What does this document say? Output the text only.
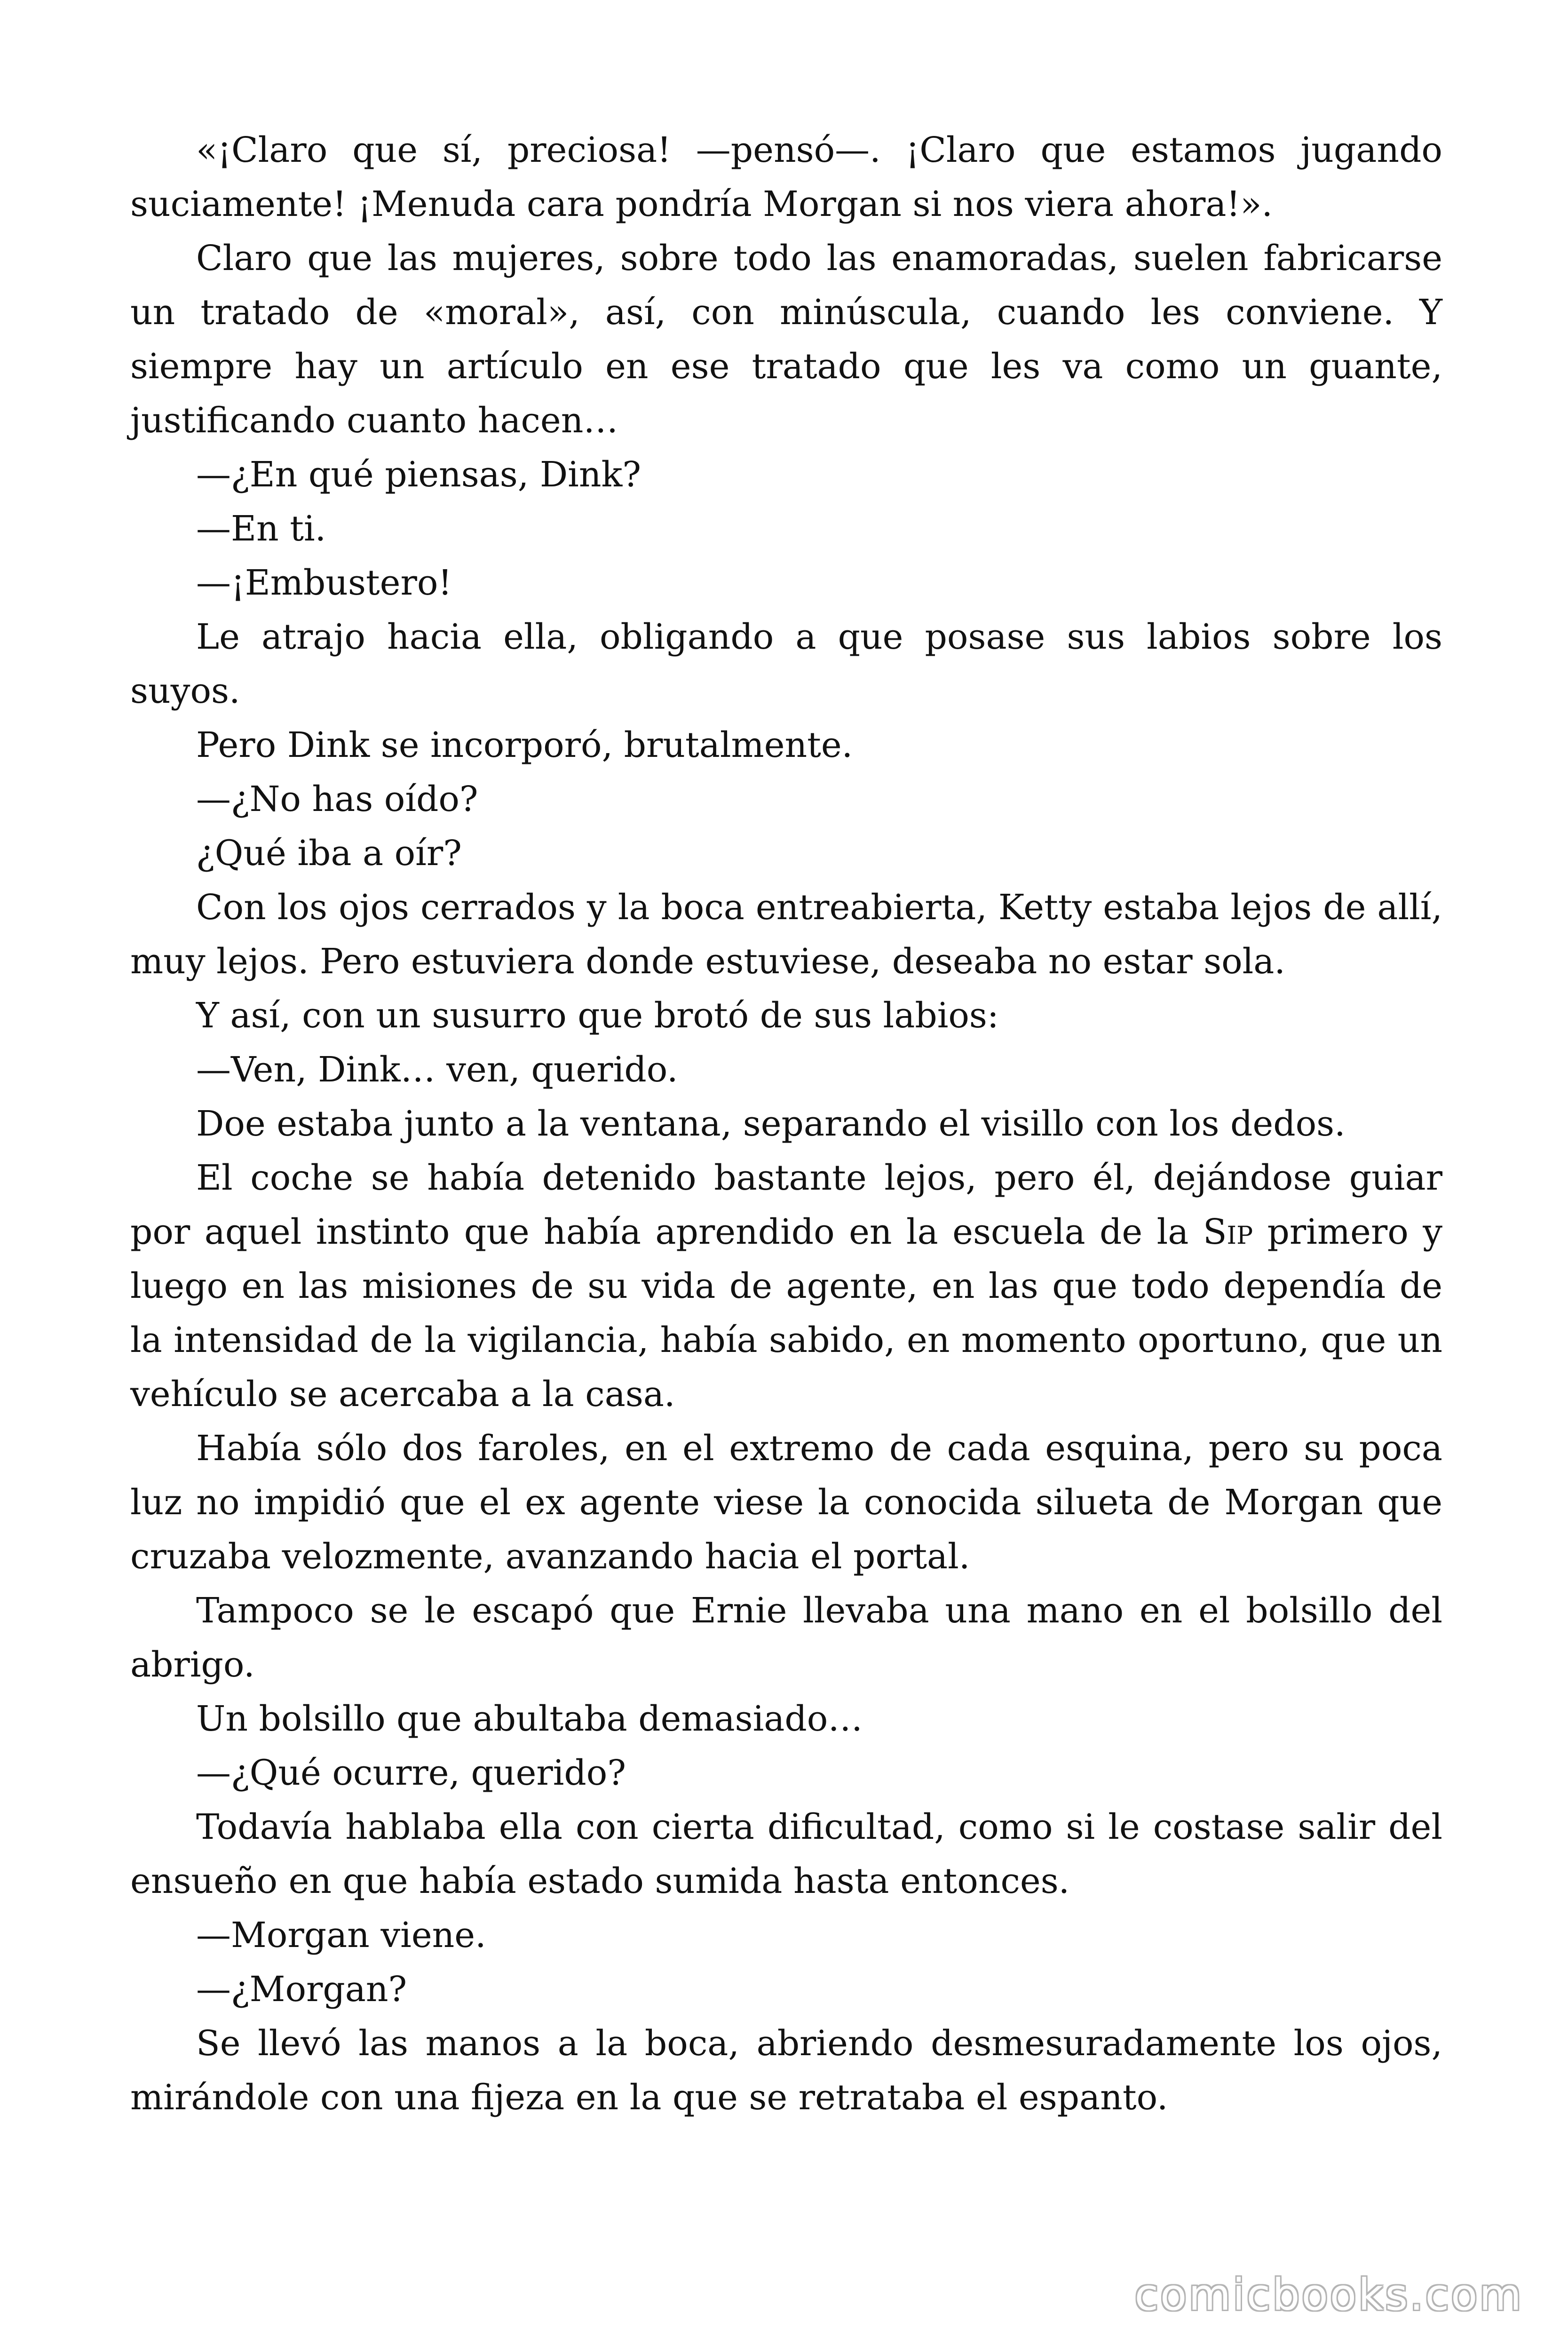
«¡Claro que sí, preciosa! —pensó—. ¡Claro que estamos jugando suciamente! ¡Menuda cara pondría Morgan si nos viera ahora!».

Claro que las mujeres, sobre todo las enamoradas, suelen fabricarse un tratado de «moral», así, con minúscula, cuando les conviene. Y siempre hay un artículo en ese tratado que les va como un guante, justificando cuanto hacen…

—¿En qué piensas, Dink?

—En ti.

—¡Embustero!

Le atrajo hacia ella, obligando a que posase sus labios sobre los suyos.

Pero Dink se incorporó, brutalmente.

—¿No has oído?

¿Qué iba a oír?

Con los ojos cerrados y la boca entreabierta, Ketty estaba lejos de allí, muy lejos. Pero estuviera donde estuviese, deseaba no estar sola.

Y así, con un susurro que brotó de sus labios:

—Ven, Dink… ven, querido.

Doe estaba junto a la ventana, separando el visillo con los dedos.

El coche se había detenido bastante lejos, pero él, dejándose guiar por aquel instinto que había aprendido en la escuela de la Sip primero y luego en las misiones de su vida de agente, en las que todo dependía de la intensidad de la vigilancia, había sabido, en momento oportuno, que un vehículo se acercaba a la casa.

Había sólo dos faroles, en el extremo de cada esquina, pero su poca luz no impidió que el ex agente viese la conocida silueta de Morgan que cruzaba velozmente, avanzando hacia el portal.

Tampoco se le escapó que Ernie llevaba una mano en el bolsillo del abrigo.

Un bolsillo que abultaba demasiado…

—¿Qué ocurre, querido?

Todavía hablaba ella con cierta dificultad, como si le costase salir del ensueño en que había estado sumida hasta entonces.

—Morgan viene.

—¿Morgan?

Se llevó las manos a la boca, abriendo desmesuradamente los ojos, mirándole con una fijeza en la que se retrataba el espanto.

comicbooks.com
